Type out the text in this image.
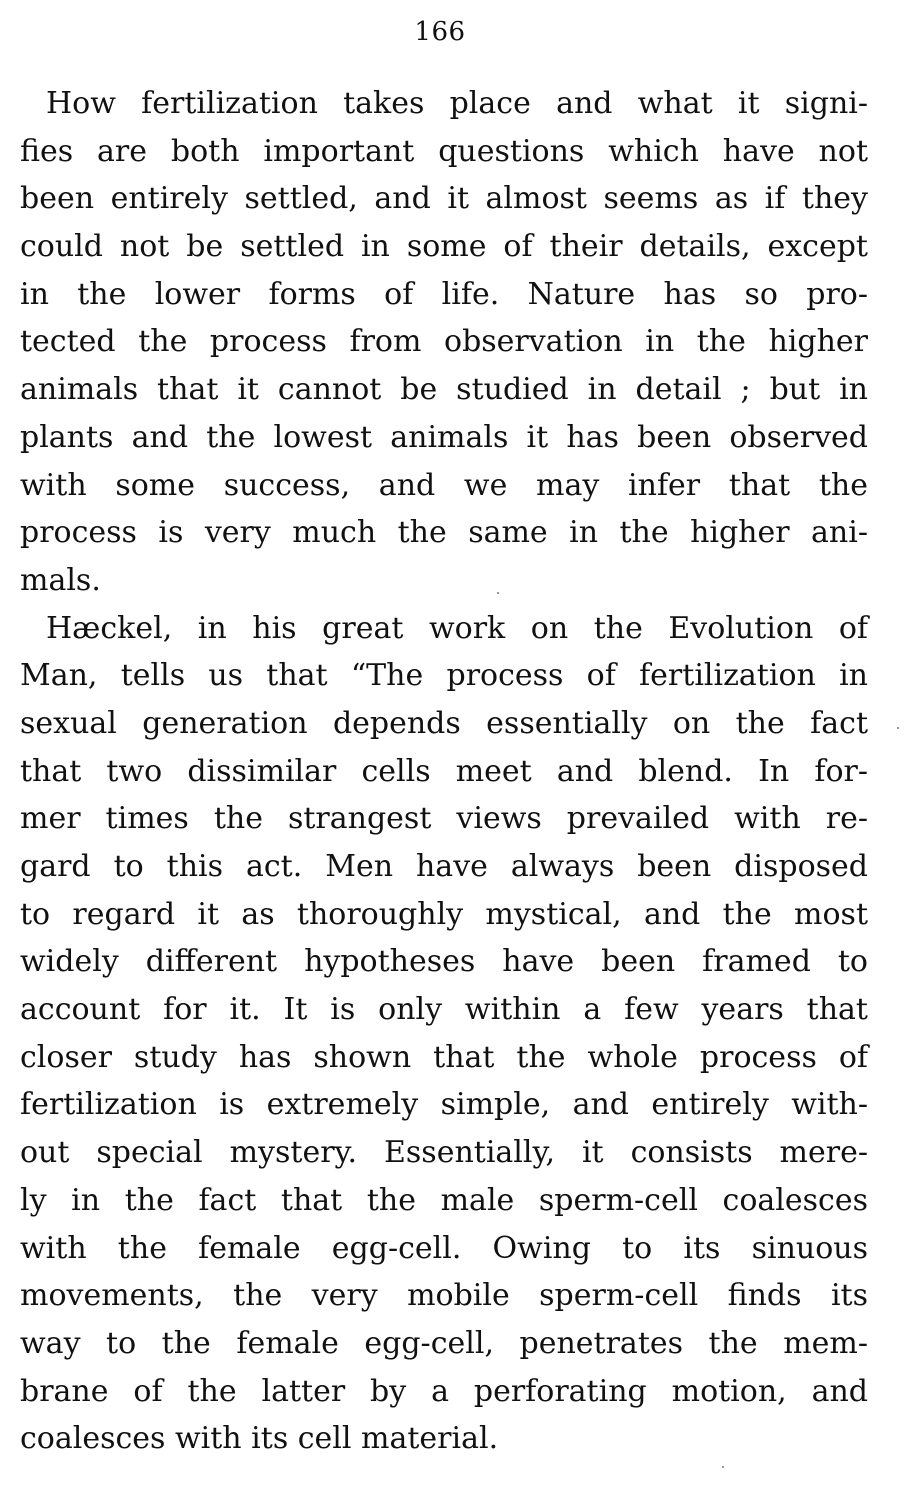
166
How fertilization takes place and what it signi-
fies are both important questions which have not
been entirely settled, and it almost seems as if they
could not be settled in some of their details, except
in the lower forms of life. Nature has so pro-
tected the process from observation in the higher
animals that it cannot be studied in detail ; but in
plants and the lowest animals it has been observed
with some success, and we may infer that the
process is very much the same in the higher ani-
mals.
Hæckel, in his great work on the Evolution of
Man, tells us that “The process of fertilization in
sexual generation depends essentially on the fact
that two dissimilar cells meet and blend. In for-
mer times the strangest views prevailed with re-
gard to this act. Men have always been disposed
to regard it as thoroughly mystical, and the most
widely different hypotheses have been framed to
account for it. It is only within a few years that
closer study has shown that the whole process of
fertilization is extremely simple, and entirely with-
out special mystery. Essentially, it consists mere-
ly in the fact that the male sperm-cell coalesces
with the female egg-cell. Owing to its sinuous
movements, the very mobile sperm-cell finds its
way to the female egg-cell, penetrates the mem-
brane of the latter by a perforating motion, and
coalesces with its cell material.
